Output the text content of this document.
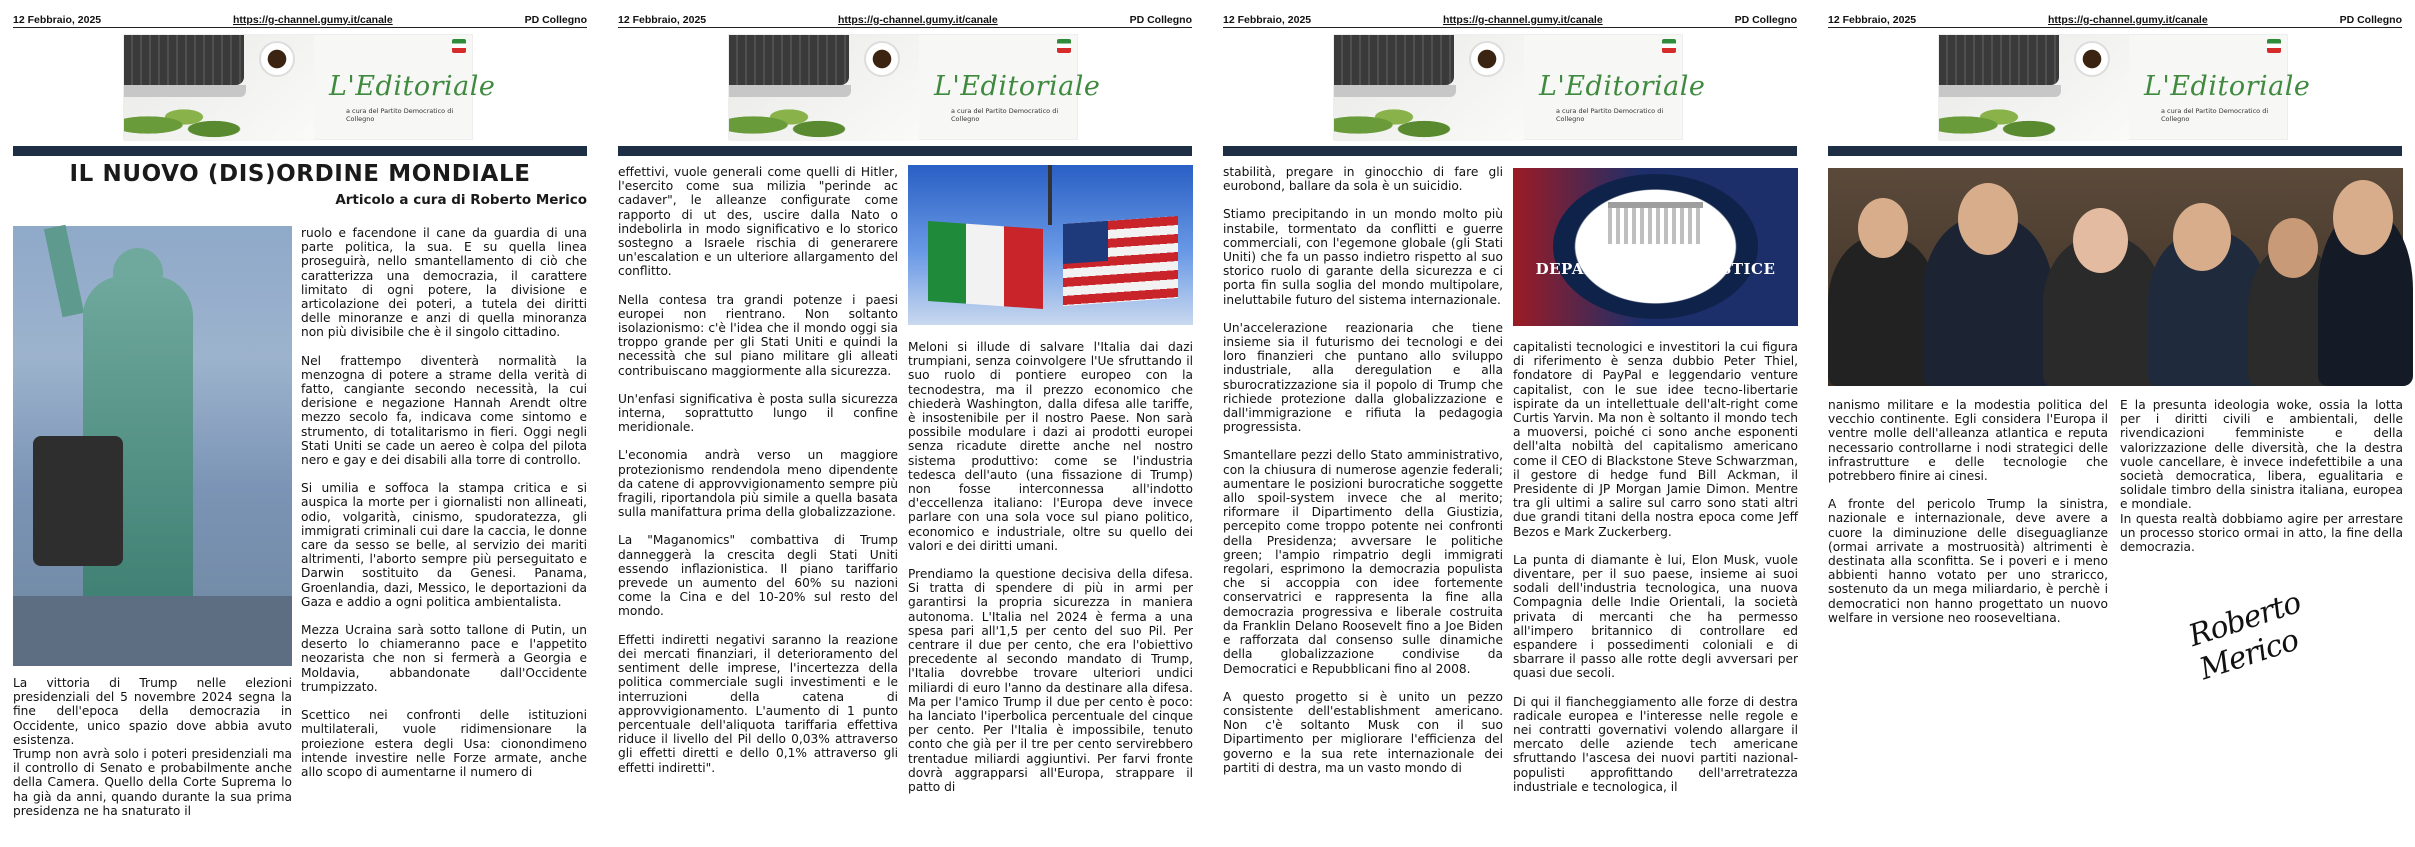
12 Febbraio, 2025	https://g-channel.gumy.it/canale	PD Collegno
L'Editoriale
a cura del Partito Democratico di Collegno
IL NUOVO (DIS)ORDINE MONDIALE
Articolo a cura di Roberto Merico

ruolo e facendone il cane da guardia di una parte politica, la sua. E su quella linea proseguirà, nello smantellamento di ciò che caratterizza una democrazia, il carattere limitato di ogni potere, la divisione e articolazione dei poteri, a tutela dei diritti delle minoranze e anzi di quella minoranza non più divisibile che è il singolo cittadino.

Nel frattempo diventerà normalità la menzogna di potere a strame della verità di fatto, cangiante secondo necessità, la cui derisione e negazione Hannah Arendt oltre mezzo secolo fa, indicava come sintomo e strumento, di totalitarismo in fieri. Oggi negli Stati Uniti se cade un aereo è colpa del pilota nero e gay e dei disabili alla torre di controllo.

Si umilia e soffoca la stampa critica e si auspica la morte per i giornalisti non allineati, odio, volgarità, cinismo, spudoratezza, gli immigrati criminali cui dare la caccia, le donne care da sesso se belle, al servizio dei mariti altrimenti, l'aborto sempre più perseguitato e Darwin sostituito da Genesi. Panama, Groenlandia, dazi, Messico, le deportazioni da Gaza e addio a ogni politica ambientalista.

Mezza Ucraina sarà sotto tallone di Putin, un deserto lo chiameranno pace e l'appetito neozarista che non si fermerà a Georgia e Moldavia, abbandonate dall'Occidente trumpizzato.

Scettico nei confronti delle istituzioni multilaterali, vuole ridimensionare la proiezione estera degli Usa: cionondimeno intende investire nelle Forze armate, anche allo scopo di aumentarne il numero di

La vittoria di Trump nelle elezioni presidenziali del 5 novembre 2024 segna la fine dell'epoca della democrazia in Occidente, unico spazio dove abbia avuto esistenza.

Trump non avrà solo i poteri presidenziali ma il controllo di Senato e probabilmente anche della Camera. Quello della Corte Suprema lo ha già da anni, quando durante la sua prima presidenza ne ha snaturato il

12 Febbraio, 2025	https://g-channel.gumy.it/canale	PD Collegno
L'Editoriale
a cura del Partito Democratico di Collegno

effettivi, vuole generali come quelli di Hitler, l'esercito come sua milizia "perinde ac cadaver", le alleanze configurate come rapporto di ut des, uscire dalla Nato o indebolirla in modo significativo e lo storico sostegno a Israele rischia di generarere un'escalation e un ulteriore allargamento del conflitto.

Nella contesa tra grandi potenze i paesi europei non rientrano. Non soltanto isolazionismo: c'è l'idea che il mondo oggi sia troppo grande per gli Stati Uniti e quindi la necessità che sul piano militare gli alleati contribuiscano maggiormente alla sicurezza.

Un'enfasi significativa è posta sulla sicurezza interna, soprattutto lungo il confine meridionale.

L'economia andrà verso un maggiore protezionismo rendendola meno dipendente da catene di approvvigionamento sempre più fragili, riportandola più simile a quella basata sulla manifattura prima della globalizzazione.

La "Maganomics" combattiva di Trump danneggerà la crescita degli Stati Uniti essendo inflazionistica. Il piano tariffario prevede un aumento del 60% su nazioni come la Cina e del 10-20% sul resto del mondo.

Effetti indiretti negativi saranno la reazione dei mercati finanziari, il deterioramento del sentiment delle imprese, l'incertezza della politica commerciale sugli investimenti e le interruzioni della catena di approvvigionamento. L'aumento di 1 punto percentuale dell'aliquota tariffaria effettiva riduce il livello del Pil dello 0,03% attraverso gli effetti diretti e dello 0,1% attraverso gli effetti indiretti".

Meloni si illude di salvare l'Italia dai dazi trumpiani, senza coinvolgere l'Ue sfruttando il suo ruolo di pontiere europeo con la tecnodestra, ma il prezzo economico che chiederà Washington, dalla difesa alle tariffe, è insostenibile per il nostro Paese. Non sarà possibile modulare i dazi ai prodotti europei senza ricadute dirette anche nel nostro sistema produttivo: come se l'industria tedesca dell'auto (una fissazione di Trump) non fosse interconnessa all'indotto d'eccellenza italiano: l'Europa deve invece parlare con una sola voce sul piano politico, economico e industriale, oltre su quello dei valori e dei diritti umani.

Prendiamo la questione decisiva della difesa. Si tratta di spendere di più in armi per garantirsi la propria sicurezza in maniera autonoma. L'Italia nel 2024 è ferma a una spesa pari all'1,5 per cento del suo Pil. Per centrare il due per cento, che era l'obiettivo precedente al secondo mandato di Trump, l'Italia dovrebbe trovare ulteriori undici miliardi di euro l'anno da destinare alla difesa. Ma per l'amico Trump il due per cento è poco: ha lanciato l'iperbolica percentuale del cinque per cento. Per l'Italia è impossibile, tenuto conto che già per il tre per cento servirebbero trentadue miliardi aggiuntivi. Per farvi fronte dovrà aggrapparsi all'Europa, strappare il patto di

12 Febbraio, 2025	https://g-channel.gumy.it/canale	PD Collegno
L'Editoriale
a cura del Partito Democratico di Collegno

stabilità, pregare in ginocchio di fare gli eurobond, ballare da sola è un suicidio.

Stiamo precipitando in un mondo molto più instabile, tormentato da conflitti e guerre commerciali, con l'egemone globale (gli Stati Uniti) che fa un passo indietro rispetto al suo storico ruolo di garante della sicurezza e ci porta fin sulla soglia del mondo multipolare, ineluttabile futuro del sistema internazionale.

Un'accelerazione reazionaria che tiene insieme sia il futurismo dei tecnologi e dei loro finanzieri che puntano allo sviluppo industriale, alla deregulation e alla sburocratizzazione sia il popolo di Trump che richiede protezione dalla globalizzazione e dall'immigrazione e rifiuta la pedagogia progressista.

Smantellare pezzi dello Stato amministrativo, con la chiusura di numerose agenzie federali; aumentare le posizioni burocratiche soggette allo spoil-system invece che al merito; riformare il Dipartimento della Giustizia, percepito come troppo potente nei confronti della Presidenza; avversare le politiche green; l'ampio rimpatrio degli immigrati regolari, esprimono la democrazia populista che si accoppia con idee fortemente conservatrici e rappresenta la fine alla democrazia progressiva e liberale costruita da Franklin Delano Roosevelt fino a Joe Biden e rafforzata dal consenso sulle dinamiche della globalizzazione condivise da Democratici e Repubblicani fino al 2008.

A questo progetto si è unito un pezzo consistente dell'establishment americano. Non c'è soltanto Musk con il suo Dipartimento per migliorare l'efficienza del governo e la sua rete internazionale dei partiti di destra, ma un vasto mondo di

DEPARTMENT OF JUSTICE
WASHINGTON

capitalisti tecnologici e investitori la cui figura di riferimento è senza dubbio Peter Thiel, fondatore di PayPal e leggendario venture capitalist, con le sue idee tecno-libertarie ispirate da un intellettuale dell'alt-right come Curtis Yarvin. Ma non è soltanto il mondo tech a muoversi, poiché ci sono anche esponenti dell'alta nobiltà del capitalismo americano come il CEO di Blackstone Steve Schwarzman, il gestore di hedge fund Bill Ackman, il Presidente di JP Morgan Jamie Dimon. Mentre tra gli ultimi a salire sul carro sono stati altri due grandi titani della nostra epoca come Jeff Bezos e Mark Zuckerberg.

La punta di diamante è lui, Elon Musk, vuole diventare, per il suo paese, insieme ai suoi sodali dell'industria tecnologica, una nuova Compagnia delle Indie Orientali, la società privata di mercanti che ha permesso all'impero britannico di controllare ed espandere i possedimenti coloniali e di sbarrare il passo alle rotte degli avversari per quasi due secoli.

Di qui il fiancheggiamento alle forze di destra radicale europea e l'interesse nelle regole e nei contratti governativi volendo allargare il mercato delle aziende tech americane sfruttando l'ascesa dei nuovi partiti nazional-populisti approfittando dell'arretratezza industriale e tecnologica, il

12 Febbraio, 2025	https://g-channel.gumy.it/canale	PD Collegno
L'Editoriale
a cura del Partito Democratico di Collegno

nanismo militare e la modestia politica del vecchio continente. Egli considera l'Europa il ventre molle dell'alleanza atlantica e reputa necessario controllarne i nodi strategici delle infrastrutture e delle tecnologie che potrebbero finire ai cinesi.

A fronte del pericolo Trump la sinistra, nazionale e internazionale, deve avere a cuore la diminuzione delle diseguaglianze (ormai arrivate a mostruosità) altrimenti è destinata alla sconfitta. Se i poveri e i meno abbienti hanno votato per uno straricco, sostenuto da un mega miliardario, è perchè i democratici non hanno progettato un nuovo welfare in versione neo rooseveltiana.

E la presunta ideologia woke, ossia la lotta per i diritti civili e ambientali, delle rivendicazioni femministe e della valorizzazione delle diversità, che la destra vuole cancellare, è invece indefettibile a una società democratica, libera, egualitaria e solidale timbro della sinistra italiana, europea e mondiale.

In questa realtà dobbiamo agire per arrestare un processo storico ormai in atto, la fine della democrazia.

Roberto Merico
